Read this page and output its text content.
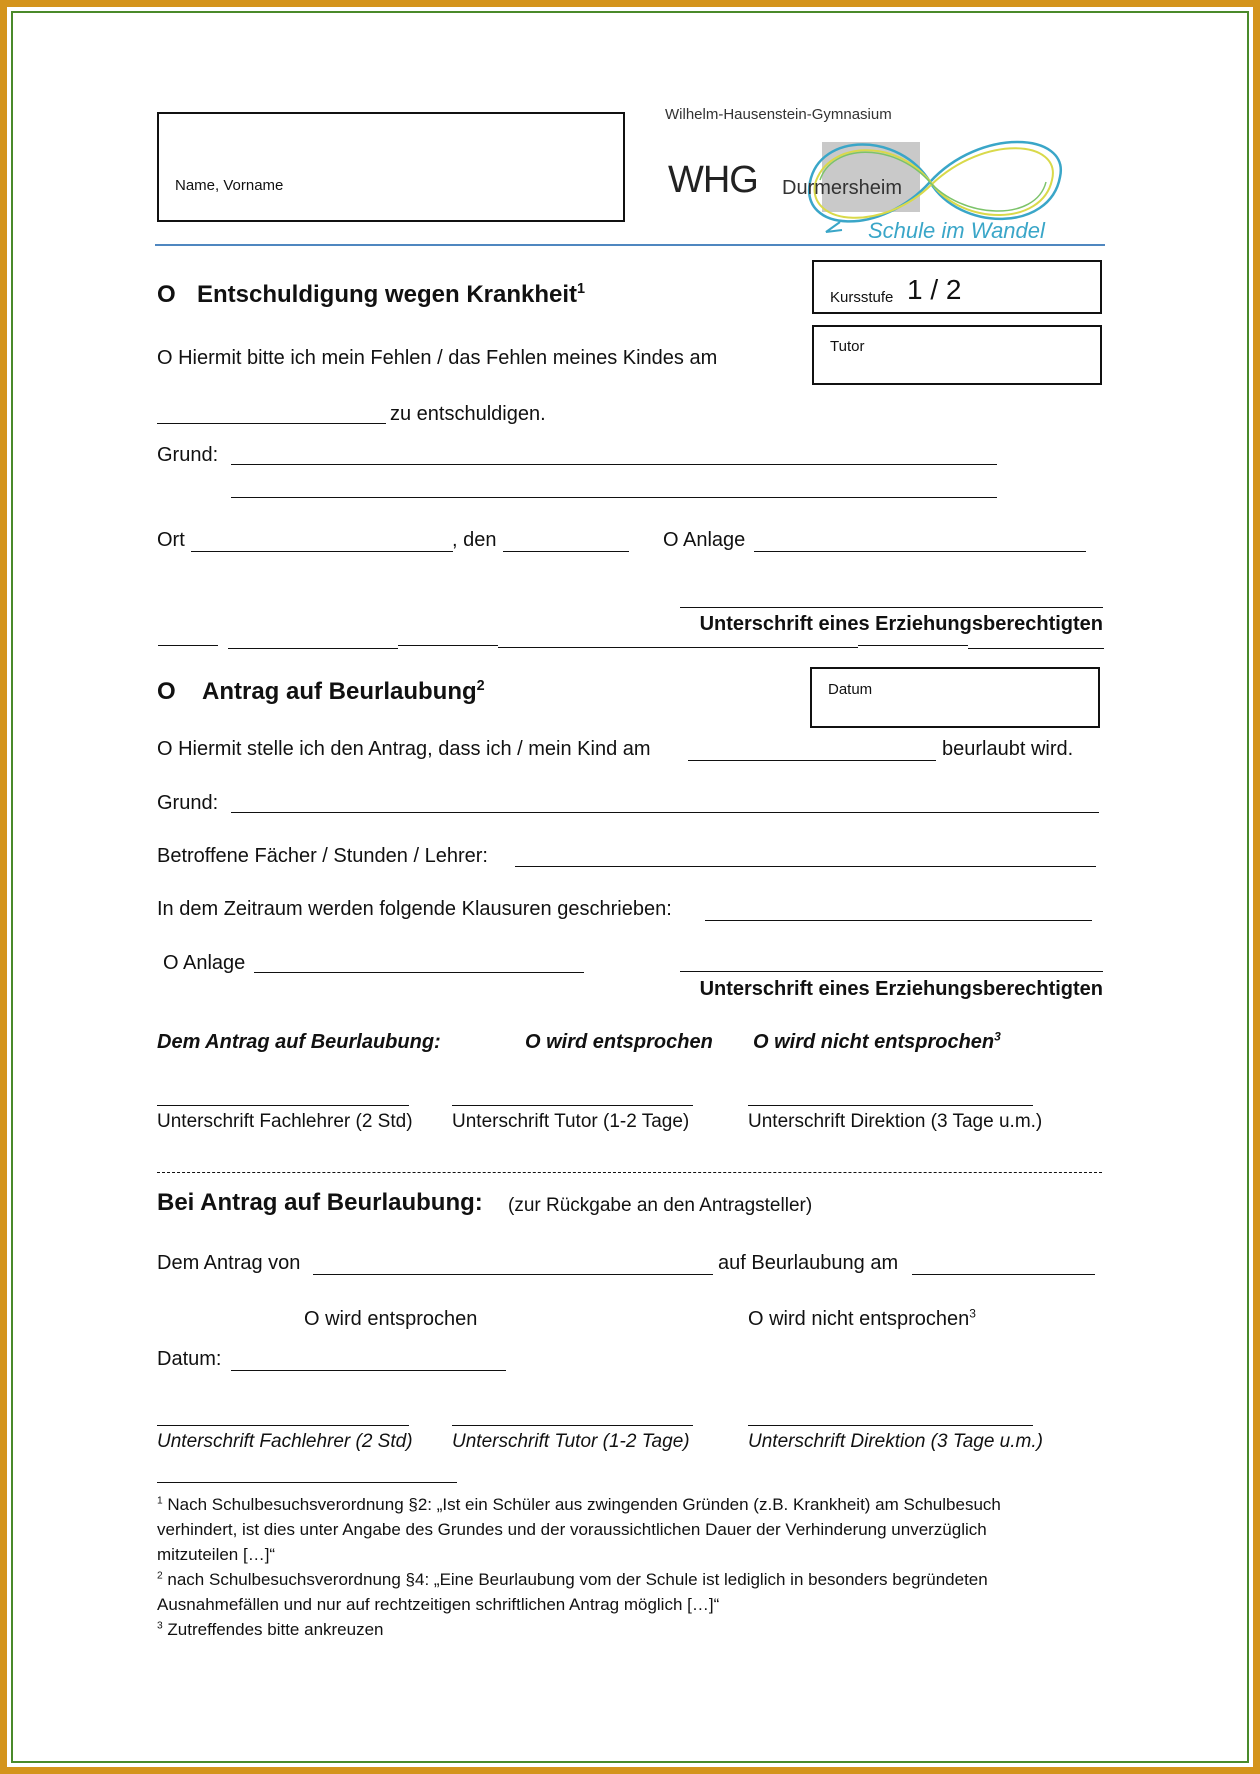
Name, Vorname
Wilhelm-Hausenstein-Gymnasium
WHG Durmersheim
Schule im Wandel
Kursstufe 1 / 2
Tutor
O Entschuldigung wegen Krankheit$^1$
O Hiermit bitte ich mein Fehlen / das Fehlen meines Kindes am
zu entschuldigen.
Grund:
Ort	, den	O Anlage
Unterschrift eines Erziehungsberechtigten
O Antrag auf Beurlaubung$^2$	Datum
O Hiermit stelle ich den Antrag, dass ich / mein Kind am	beurlaubt wird.
Grund:
Betroffene Fächer / Stunden / Lehrer:
In dem Zeitraum werden folgende Klausuren geschrieben:
O Anlage
Unterschrift eines Erziehungsberechtigten
Dem Antrag auf Beurlaubung:	O wird entsprochen O wird nicht entsprochen$^3$
Unterschrift Fachlehrer (2 Std) Unterschrift Tutor (1-2 Tage)	Unterschrift Direktion (3 Tage u.m.)
Bei Antrag auf Beurlaubung: (zur Rückgabe an den Antragsteller)
Dem Antrag von	auf Beurlaubung am
O wird entsprochen	O wird nicht entsprochen$^3$
Datum:
Unterschrift Fachlehrer (2 Std) Unterschrift Tutor (1-2 Tage)	Unterschrift Direktion (3 Tage u.m.)
$^1$ Nach Schulbesuchsverordnung §2: „Ist ein Schüler aus zwingenden Gründen (z.B. Krankheit) am Schulbesuch
verhindert, ist dies unter Angabe des Grundes und der voraussichtlichen Dauer der Verhinderung unverzüglich
mitzuteilen […]“
$^2$ nach Schulbesuchsverordnung §4: „Eine Beurlaubung vom der Schule ist lediglich in besonders begründeten
Ausnahmefällen und nur auf rechtzeitigen schriftlichen Antrag möglich […]“
$^3$ Zutreffendes bitte ankreuzen
